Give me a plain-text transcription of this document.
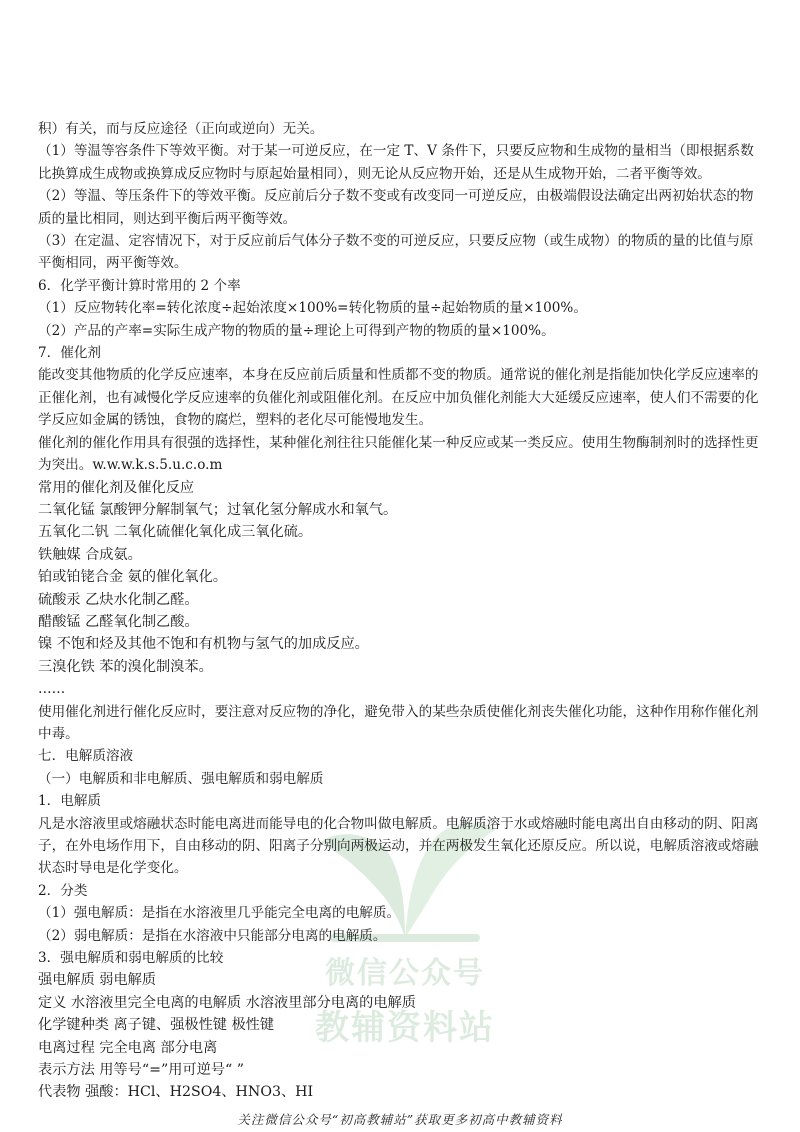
微信公众号
教辅资料站
积）有关，而与反应途径（正向或逆向）无关。
（1）等温等容条件下等效平衡。对于某一可逆反应，在一定 T、V 条件下，只要反应物和生成物的量相当（即根据系数比换算成生成物或换算成反应物时与原起始量相同），则无论从反应物开始，还是从生成物开始，二者平衡等效。
（2）等温、等压条件下的等效平衡。反应前后分子数不变或有改变同一可逆反应，由极端假设法确定出两初始状态的物质的量比相同，则达到平衡后两平衡等效。
（3）在定温、定容情况下，对于反应前后气体分子数不变的可逆反应，只要反应物（或生成物）的物质的量的比值与原平衡相同，两平衡等效。
6．化学平衡计算时常用的 2 个率
（1）反应物转化率=转化浓度÷起始浓度×100%=转化物质的量÷起始物质的量×100%。
（2）产品的产率=实际生成产物的物质的量÷理论上可得到产物的物质的量×100%。
7．催化剂
能改变其他物质的化学反应速率，本身在反应前后质量和性质都不变的物质。通常说的催化剂是指能加快化学反应速率的正催化剂，也有减慢化学反应速率的负催化剂或阻催化剂。在反应中加负催化剂能大大延缓反应速率，使人们不需要的化学反应如金属的锈蚀，食物的腐烂，塑料的老化尽可能慢地发生。
催化剂的催化作用具有很强的选择性，某种催化剂往往只能催化某一种反应或某一类反应。使用生物酶制剂时的选择性更为突出。w.w.w.k.s.5.u.c.o.m
常用的催化剂及催化反应
二氧化锰 氯酸钾分解制氧气；过氧化氢分解成水和氧气。
五氧化二钒 二氧化硫催化氧化成三氧化硫。
铁触媒 合成氨。
铂或铂铑合金 氨的催化氧化。
硫酸汞 乙炔水化制乙醛。
醋酸锰 乙醛氧化制乙酸。
镍 不饱和烃及其他不饱和有机物与氢气的加成反应。
三溴化铁 苯的溴化制溴苯。
……
使用催化剂进行催化反应时，要注意对反应物的净化，避免带入的某些杂质使催化剂丧失催化功能，这种作用称作催化剂中毒。
七．电解质溶液
（一）电解质和非电解质、强电解质和弱电解质
1．电解质
凡是水溶液里或熔融状态时能电离进而能导电的化合物叫做电解质。电解质溶于水或熔融时能电离出自由移动的阴、阳离子，在外电场作用下，自由移动的阴、阳离子分别向两极运动，并在两极发生氧化还原反应。所以说，电解质溶液或熔融状态时导电是化学变化。
2．分类
（1）强电解质：是指在水溶液里几乎能完全电离的电解质。
（2）弱电解质：是指在水溶液中只能部分电离的电解质。
3．强电解质和弱电解质的比较
强电解质 弱电解质
定义 水溶液里完全电离的电解质 水溶液里部分电离的电解质
化学键种类 离子键、强极性键 极性键
电离过程 完全电离 部分电离
表示方法 用等号“=”用可逆号“ ”
代表物 强酸：HCl、H2SO4、HNO3、HI
关注微信公众号“初高教辅站”获取更多初高中教辅资料
